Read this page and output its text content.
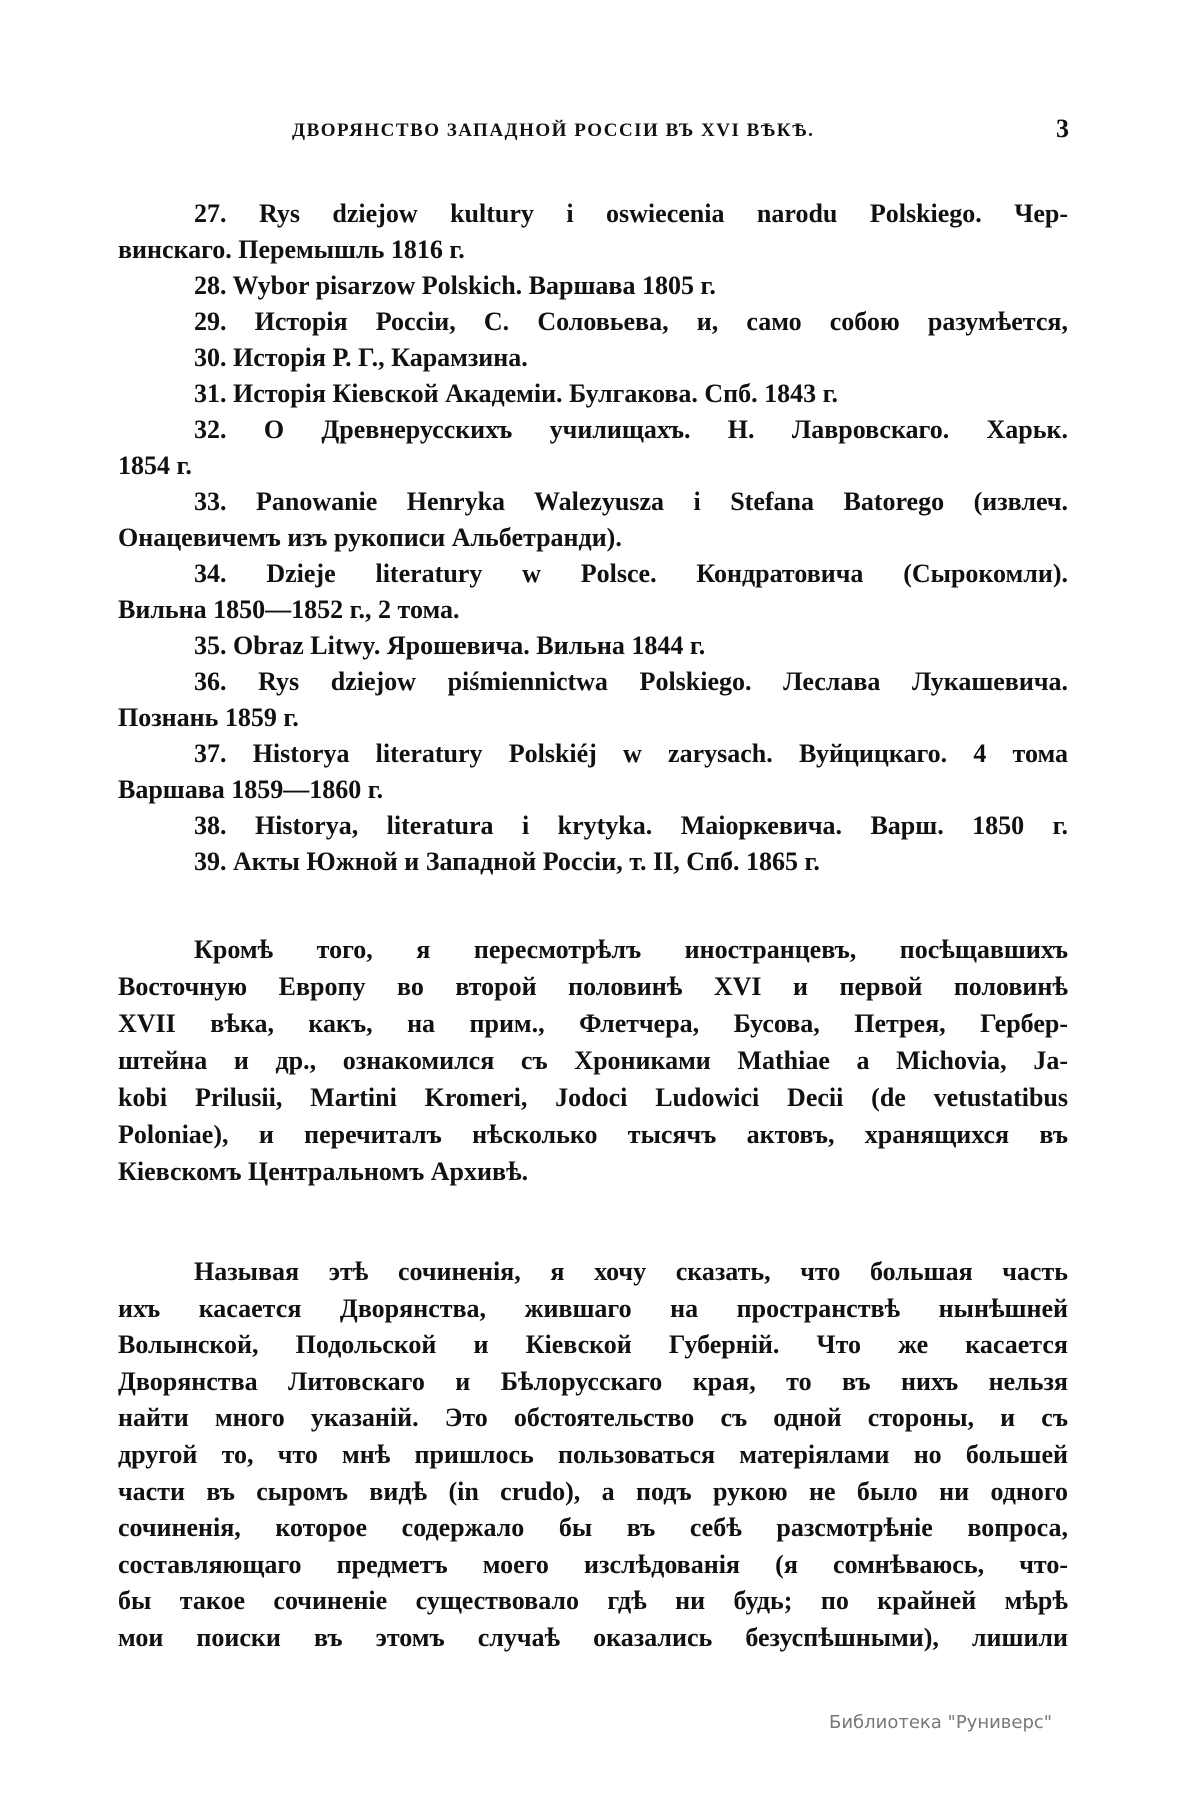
ДВОРЯНСТВО ЗАПАДНОЙ РОССІИ ВЪ XVI ВѢКѢ.	3
27. Rys dziejow kultury i oswiecenia narodu Polskiego. Чер-
винскаго. Перемышль 1816 г.
28. Wybor pisarzow Polskich. Варшава 1805 г.
29. Исторія Россіи, С. Соловьева, и, само собою разумѣется,
30. Исторія Р. Г., Карамзина.
31. Исторія Кіевской Академіи. Булгакова. Спб. 1843 г.
32. О Древнерусскихъ училищахъ. Н. Лавровскаго. Харьк.
1854 г.
33. Panowanie Henryka Walezyusza i Stefana Batorego (извлеч.
Онацевичемъ изъ рукописи Альбетранди).
34. Dzieje literatury w Polsce. Кондратовича (Сырокомли).
Вильна 1850—1852 г., 2 тома.
35. Obraz Litwy. Ярошевича. Вильна 1844 г.
36. Rys dziejow piśmiennictwa Polskiego. Леслава Лукашевича.
Познань 1859 г.
37. Historya literatury Polskiéj w zarysach. Вуйцицкаго. 4 тома
Варшава 1859—1860 г.
38. Historya, literatura i krytyka. Маіоркевича. Варш. 1850 г.
39. Акты Южной и Западной Россіи, т. II, Спб. 1865 г.
Кромѣ того, я пересмотрѣлъ иностранцевъ, посѣщавшихъ
Восточную Европу во второй половинѣ XVI и первой половинѣ
XVII вѣка, какъ, на прим., Флетчера, Бусова, Петрея, Гербер-
штейна и др., ознакомился съ Хрониками Mathiae a Michovia, Ja-
kobi Prilusii, Martini Kromeri, Jodoci Ludowici Decii (de vetustatibus
Poloniae), и перечиталъ нѣсколько тысячъ актовъ, хранящихся въ
Кіевскомъ Центральномъ Архивѣ.
Называя этѣ сочиненія, я хочу сказать, что большая часть
ихъ касается Дворянства, жившаго на пространствѣ нынѣшней
Волынской, Подольской и Кіевской Губерній. Что же касается
Дворянства Литовскаго и Бѣлорусскаго края, то въ нихъ нельзя
найти много указаній. Это обстоятельство съ одной стороны, и съ
другой то, что мнѣ пришлось пользоваться матеріялами но большей
части въ сыромъ видѣ (in crudo), а подъ рукою не было ни одного
сочиненія, которое содержало бы въ себѣ разсмотрѣніе вопроса,
составляющаго предметъ моего изслѣдованія (я сомнѣваюсь, что-
бы такое сочиненіе существовало гдѣ ни будь; по крайней мѣрѣ
мои поиски въ этомъ случаѣ оказались безуспѣшными), лишили
Библиотека "Руниверс"
